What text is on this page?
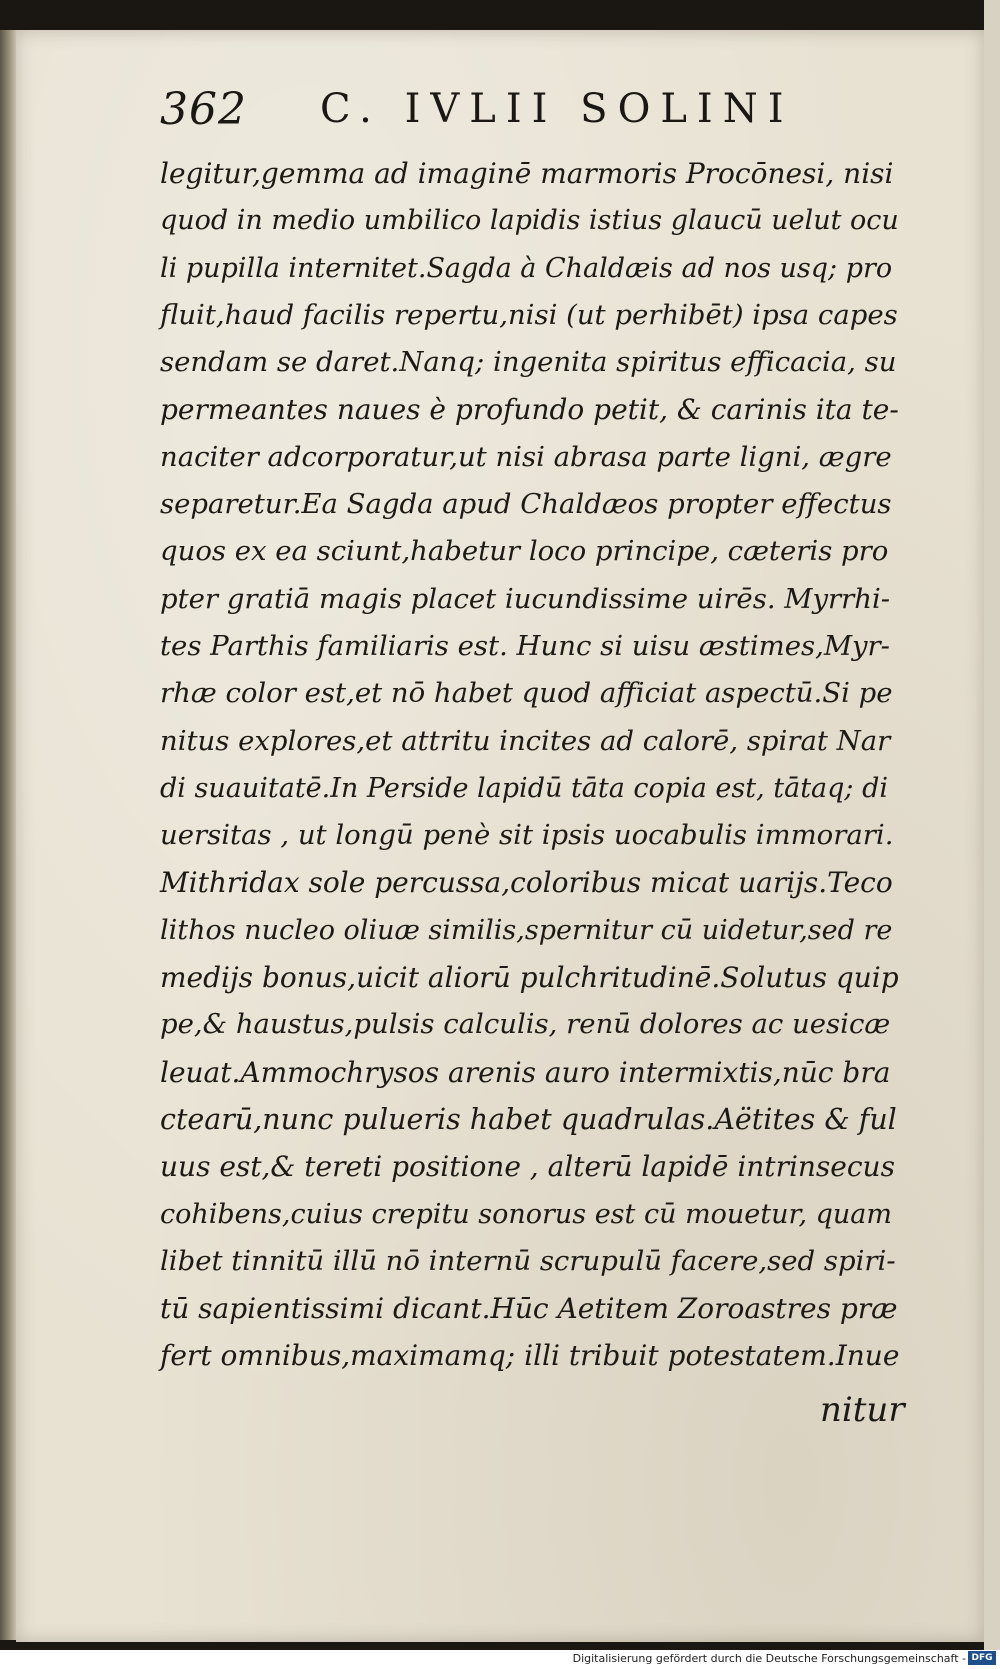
362 C. IVLII SOLINI
legitur,gemma ad imaginē marmoris Procōnesi, nisi
quod in medio umbilico lapidis istius glaucū uelut ocu
li pupilla internitet.Sagda à Chaldæis ad nos usq; pro
fluit,haud facilis repertu,nisi (ut perhibēt) ipsa capes
sendam se daret.Nanq; ingenita spiritus efficacia, su
permeantes naues è profundo petit, & carinis ita te-
naciter adcorporatur,ut nisi abrasa parte ligni, ægre
separetur.Ea Sagda apud Chaldæos propter effectus
quos ex ea sciunt,habetur loco principe, cæteris pro
pter gratiā magis placet iucundissime uirēs. Myrrhi-
tes Parthis familiaris est. Hunc si uisu æstimes,Myr-
rhæ color est,et nō habet quod afficiat aspectū.Si pe
nitus explores,et attritu incites ad calorē, spirat Nar
di suauitatē.In Perside lapidū tāta copia est, tātaq; di
uersitas , ut longū penè sit ipsis uocabulis immorari.
Mithridax sole percussa,coloribus micat uarijs.Teco
lithos nucleo oliuæ similis,spernitur cū uidetur,sed re
medijs bonus,uicit aliorū pulchritudinē.Solutus quip
pe,& haustus,pulsis calculis, renū dolores ac uesicæ
leuat.Ammochrysos arenis auro intermixtis,nūc bra
ctearū,nunc pulueris habet quadrulas.Aëtites & ful
uus est,& tereti positione , alterū lapidē intrinsecus
cohibens,cuius crepitu sonorus est cū mouetur, quam
libet tinnitū illū nō internū scrupulū facere,sed spiri-
tū sapientissimi dicant.Hūc Aetitem Zoroastres præ
fert omnibus,maximamq; illi tribuit potestatem.Inue
nitur
Digitalisierung gefördert durch die Deutsche Forschungsgemeinschaft - DFG
